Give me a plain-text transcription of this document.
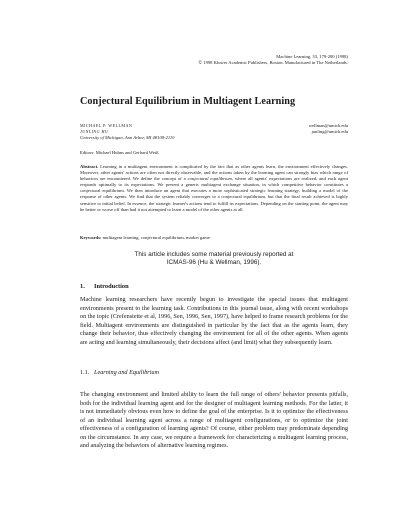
Machine Learning, 33, 179-200 (1998)
© 1998 Kluwer Academic Publishers, Boston. Manufactured in The Netherlands.
Conjectural Equilibrium in Multiagent Learning
MICHAEL P. WELLMAN	wellman@umich.edu
JUNLING HU	junling@umich.edu
University of Michigan, Ann Arbor, MI 48109-2110
Editors: Michael Huhns and Gerhard Weiß

Abstract. Learning in a multiagent environment is complicated by the fact that as other agents learn, the environment effectively changes. Moreover, other agents' actions are often not directly observable, and the actions taken by the learning agent can strongly bias which range of behaviors are encountered. We define the concept of a conjectural equilibrium, where all agents' expectations are realized, and each agent responds optimally to its expectations. We present a generic multiagent exchange situation, in which competitive behavior constitutes a conjectural equilibrium. We then introduce an agent that executes a more sophisticated strategic learning strategy, building a model of the response of other agents. We find that the system reliably converges to a conjectural equilibrium, but that the final result achieved is highly sensitive to initial belief. In essence, the strategic learner's actions tend to fulfill its expectations. Depending on the starting point, the agent may be better or worse off than had it not attempted to learn a model of the other agents at all.

Keywords: multiagent learning, conjectural equilibrium, market game
This article includes some material previously reported at
ICMAS-96 (Hu & Wellman, 1996).
1. Introduction

Machine learning researchers have recently begun to investigate the special issues that multiagent environments present to the learning task. Contributions in this journal issue, along with recent workshops on the topic (Crefenstette et al, 1996, Sen, 1996, Sen, 1997), have helped to frame research problems for the field. Multiagent environments are distinguished in particular by the fact that as the agents learn, they change their behavior, thus effectively changing the environment for all of the other agents. When agents are acting and learning simultaneously, their decisions affect (and limit) what they subsequently learn.

1.1. Learning and Equilibrium

The changing environment and limited ability to learn the full range of others' behavior presents pitfalls, both for the individual learning agent and for the designer of multiagent learning methods. For the latter, it is not immediately obvious even how to define the goal of the enterprise. Is it to optimize the effectiveness of an individual learning agent across a range of multiagent configurations, or to optimize the joint effectiveness of a configuration of learning agents? Of course, either problem may predominate depending on the circumstance. In any case, we require a framework for characterizing a multiagent learning process, and analyzing the behaviors of alternative learning regimes.
